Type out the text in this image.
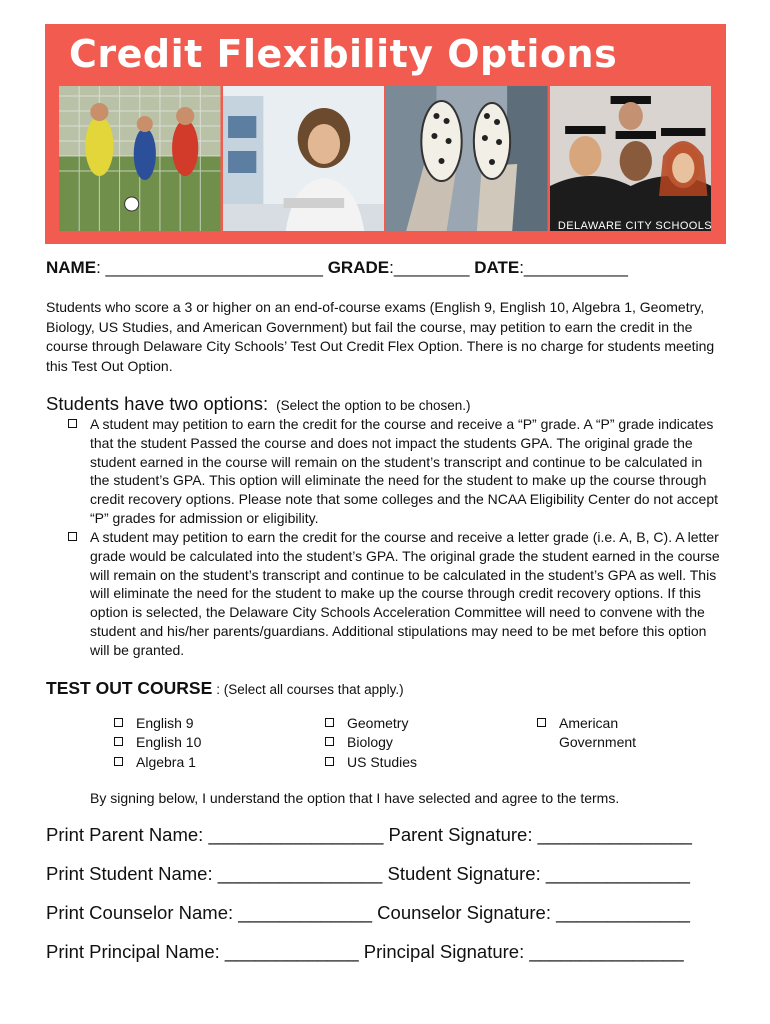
Credit Flexibility Options
DELAWARE CITY SCHOOLS
NAME: _______________________ GRADE:________ DATE:___________

Students who score a 3 or higher on an end-of-course exams (English 9, English 10, Algebra 1, Geometry, Biology, US Studies, and American Government) but fail the course, may petition to earn the credit in the course through Delaware City Schools’ Test Out Credit Flex Option. There is no charge for students meeting this Test Out Option.

Students have two options: (Select the option to be chosen.)
A student may petition to earn the credit for the course and receive a “P” grade. A “P” grade indicates that the student Passed the course and does not impact the students GPA. The original grade the student earned in the course will remain on the student’s transcript and continue to be calculated in the student’s GPA. This option will eliminate the need for the student to make up the course through credit recovery options. Please note that some colleges and the NCAA Eligibility Center do not accept “P” grades for admission or eligibility.
A student may petition to earn the credit for the course and receive a letter grade (i.e. A, B, C). A letter grade would be calculated into the student’s GPA. The original grade the student earned in the course will remain on the student’s transcript and continue to be calculated in the student’s GPA as well. This will eliminate the need for the student to make up the course through credit recovery options. If this option is selected, the Delaware City Schools Acceleration Committee will need to convene with the student and his/her parents/guardians. Additional stipulations may need to be met before this option will be granted.
TEST OUT COURSE : (Select all courses that apply.)
English 9
English 10
Algebra 1
Geometry
Biology
US Studies
American Government
By signing below, I understand the option that I have selected and agree to the terms.
Print Parent Name: _________________ Parent Signature: _______________
Print Student Name: ________________ Student Signature: ______________
Print Counselor Name: _____________ Counselor Signature: _____________
Print Principal Name: _____________ Principal Signature: _______________
